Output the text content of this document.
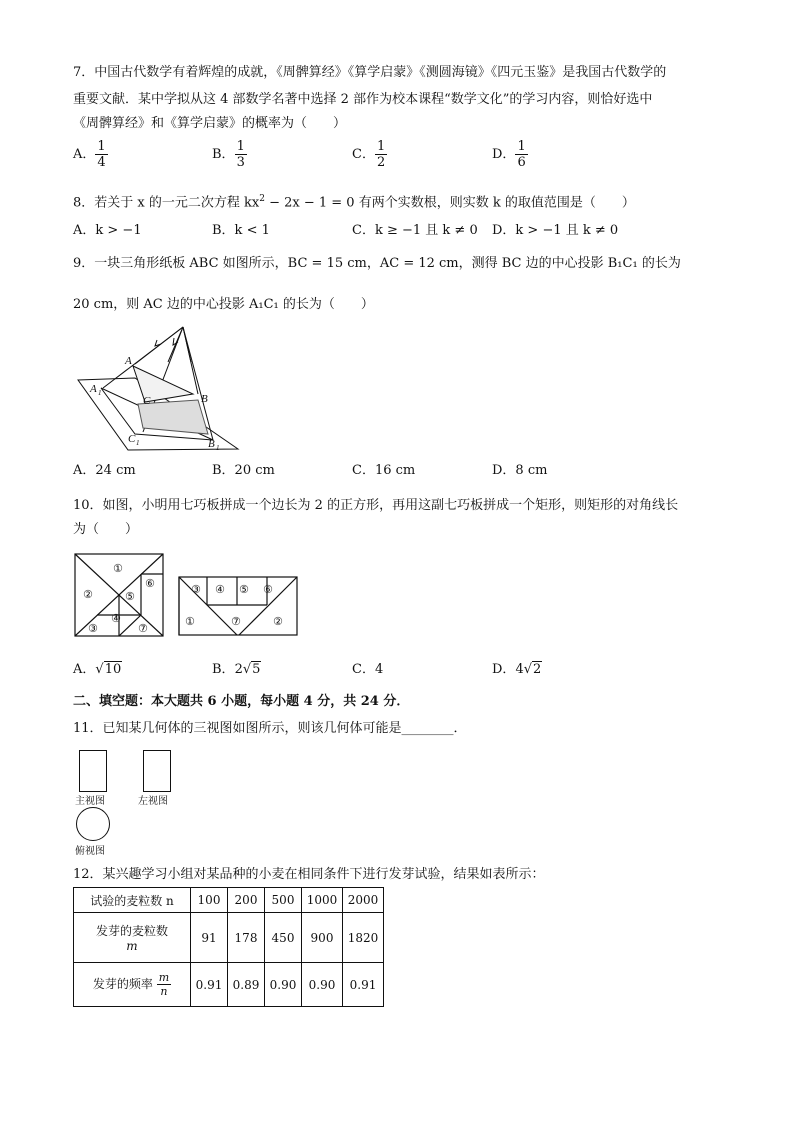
7．中国古代数学有着辉煌的成就，《周髀算经》《算学启蒙》《测圆海镜》《四元玉鉴》是我国古代数学的
重要文献．某中学拟从这 4 部数学名著中选择 2 部作为校本课程“数学文化”的学习内容，则恰好选中
《周髀算经》和《算学启蒙》的概率为（　　）
A． $\frac{1}{4}$	B． $\frac{1}{3}$	C． $\frac{1}{2}$	D． $\frac{1}{6}$
8．若关于 x 的一元二次方程 $kx^2 - 2x - 1 = 0$ 有两个实数根，则实数 k 的取值范围是（　　）
A．k > −1	B．k < 1	C．k ≥ −1 且 k ≠ 0 D．k > −1 且 k ≠ 0
9．一块三角形纸板 ABC 如图所示，BC = 15 cm，AC = 12 cm，测得 BC 边的中心投影 B₁C₁ 的长为
20 cm，则 AC 边的中心投影 A₁C₁ 的长为（　　）
A
A 1	B
B 1
C
C 1
A．24 cm	B．20 cm	C．16 cm	D．8 cm
10．如图，小明用七巧板拼成一个边长为 2 的正方形，再用这副七巧板拼成一个矩形，则矩形的对角线长
为（　　）
①
②
③
④
⑤
⑥
⑦
③ ④ ⑤ ⑥
①	⑦	②
A．√10	B．2√5	C．4	D．4√2
二、填空题：本大题共 6 小题，每小题 4 分，共 24 分．
11．已知某几何体的三视图如图所示，则该几何体可能是________．
主视图	左视图
俯视图
12．某兴趣学习小组对某品种的小麦在相同条件下进行发芽试验，结果如表所示：
试验的麦粒数 n	100	200	500	1000	2000

发芽的麦粒数
m	91	178	450	900	1820
发芽的频率 $\frac{m}{n}$	0.91	0.89	0.90	0.90	0.91
